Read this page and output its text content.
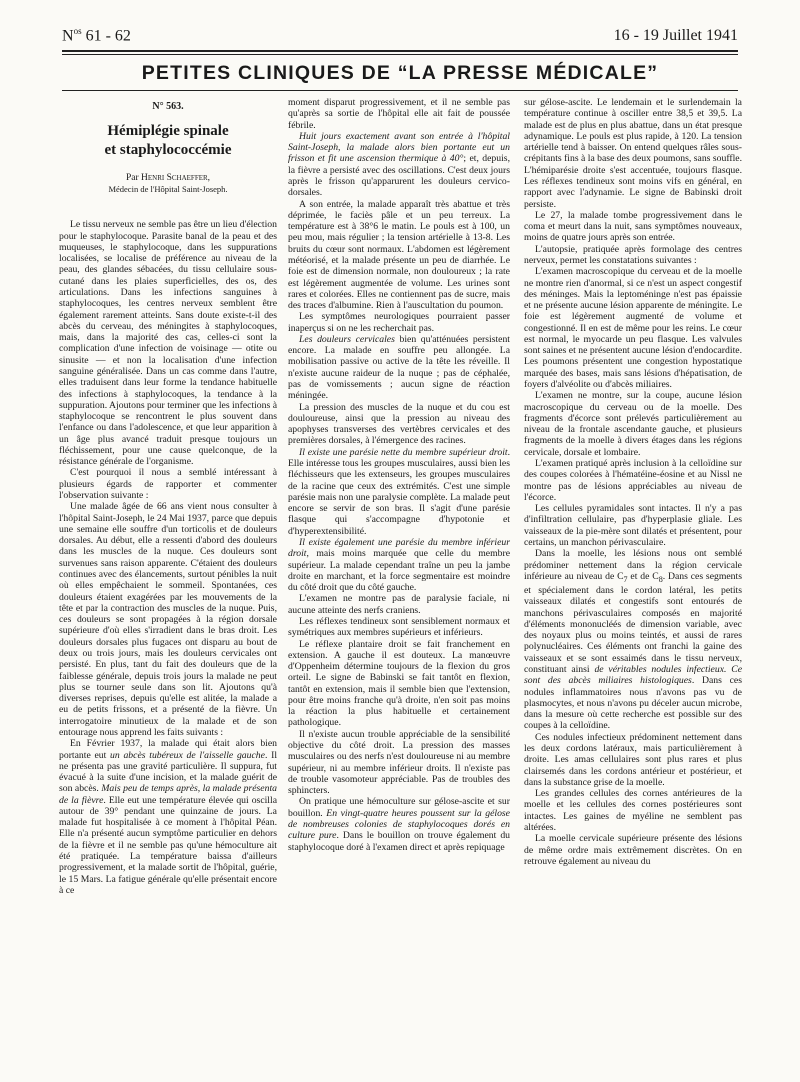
$N^{os}$ 61 - 62	16 - 19 Juillet 1941
PETITES CLINIQUES DE “LA PRESSE MÉDICALE”
N° 563.
Hémiplégie spinale
et staphylococcémie
Par Henri Schaeffer,
Médecin de l'Hôpital Saint-Joseph.

Le tissu nerveux ne semble pas être un lieu d'élection pour le staphylocoque. Parasite banal de la peau et des muqueuses, le staphylocoque, dans les suppurations localisées, se localise de préférence au niveau de la peau, des glandes sébacées, du tissu cellulaire sous-cutané dans les plaies superficielles, des os, des articulations. Dans les infections sanguines à staphylocoques, les centres nerveux semblent être également rarement atteints. Sans doute existe-t-il des abcès du cerveau, des méningites à staphylocoques, mais, dans la majorité des cas, celles-ci sont la complication d'une infection de voisinage — otite ou sinusite — et non la localisation d'une infection sanguine généralisée. Dans un cas comme dans l'autre, elles traduisent dans leur forme la tendance habituelle des infections à staphylocoques, la tendance à la suppuration. Ajoutons pour terminer que les infections à staphylocoque se rencontrent le plus souvent dans l'enfance ou dans l'adolescence, et que leur apparition à un âge plus avancé traduit presque toujours un fléchissement, pour une cause quelconque, de la résistance générale de l'organisme.

C'est pourquoi il nous a semblé intéressant à plusieurs égards de rapporter et commenter l'observation suivante :

Une malade âgée de 66 ans vient nous consulter à l'hôpital Saint-Joseph, le 24 Mai 1937, parce que depuis une semaine elle souffre d'un torticolis et de douleurs dorsales. Au début, elle a ressenti d'abord des douleurs dans les muscles de la nuque. Ces douleurs sont survenues sans raison apparente. C'étaient des douleurs continues avec des élancements, surtout pénibles la nuit où elles empêchaient le sommeil. Spontanées, ces douleurs étaient exagérées par les mouvements de la tête et par la contraction des muscles de la nuque. Puis, ces douleurs se sont propagées à la région dorsale supérieure d'où elles s'irradient dans le bras droit. Les douleurs dorsales plus fugaces ont disparu au bout de deux ou trois jours, mais les douleurs cervicales ont persisté. En plus, tant du fait des douleurs que de la faiblesse générale, depuis trois jours la malade ne peut plus se tourner seule dans son lit. Ajoutons qu'à diverses reprises, depuis qu'elle est alitée, la malade a eu de petits frissons, et a présenté de la fièvre. Un interrogatoire minutieux de la malade et de son entourage nous apprend les faits suivants :

En Février 1937, la malade qui était alors bien portante eut un abcès tubéreux de l'aisselle gauche. Il ne présenta pas une gravité particulière. Il suppura, fut évacué à la suite d'une incision, et la malade guérit de son abcès. Mais peu de temps après, la malade présenta de la fièvre. Elle eut une température élevée qui oscilla autour de 39° pendant une quinzaine de jours. La malade fut hospitalisée à ce moment à l'hôpital Péan. Elle n'a présenté aucun symptôme particulier en dehors de la fièvre et il ne semble pas qu'une hémoculture ait été pratiquée. La température baissa d'ailleurs progressivement, et la malade sortit de l'hôpital, guérie, le 15 Mars. La fatigue générale qu'elle présentait encore à ce

moment disparut progressivement, et il ne semble pas qu'après sa sortie de l'hôpital elle ait fait de poussée fébrile.

Huit jours exactement avant son entrée à l'hôpital Saint-Joseph, la malade alors bien portante eut un frisson et fit une ascension thermique à 40°; et, depuis, la fièvre a persisté avec des oscillations. C'est deux jours après le frisson qu'apparurent les douleurs cervico-dorsales.

A son entrée, la malade apparaît très abattue et très déprimée, le faciès pâle et un peu terreux. La température est à 38°6 le matin. Le pouls est à 100, un peu mou, mais régulier ; la tension artérielle à 13-8. Les bruits du cœur sont normaux. L'abdomen est légèrement météorisé, et la malade présente un peu de diarrhée. Le foie est de dimension normale, non douloureux ; la rate est légèrement augmentée de volume. Les urines sont rares et colorées. Elles ne contiennent pas de sucre, mais des traces d'albumine. Rien à l'auscultation du poumon.

Les symptômes neurologiques pourraient passer inaperçus si on ne les recherchait pas.

Les douleurs cervicales bien qu'atténuées persistent encore. La malade en souffre peu allongée. La mobilisation passive ou active de la tête les réveille. Il n'existe aucune raideur de la nuque ; pas de céphalée, pas de vomissements ; aucun signe de réaction méningée.

La pression des muscles de la nuque et du cou est douloureuse, ainsi que la pression au niveau des apophyses transverses des vertèbres cervicales et des premières dorsales, à l'émergence des racines.

Il existe une parésie nette du membre supérieur droit. Elle intéresse tous les groupes musculaires, aussi bien les fléchisseurs que les extenseurs, les groupes musculaires de la racine que ceux des extrémités. C'est une simple parésie mais non une paralysie complète. La malade peut encore se servir de son bras. Il s'agit d'une parésie flasque qui s'accompagne d'hypotonie et d'hyperextensibilité.

Il existe également une parésie du membre inférieur droit, mais moins marquée que celle du membre supérieur. La malade cependant traîne un peu la jambe droite en marchant, et la force segmentaire est moindre du côté droit que du côté gauche.

L'examen ne montre pas de paralysie faciale, ni aucune atteinte des nerfs craniens.

Les réflexes tendineux sont sensiblement normaux et symétriques aux membres supérieurs et inférieurs.

Le réflexe plantaire droit se fait franchement en extension. A gauche il est douteux. La manœuvre d'Oppenheim détermine toujours de la flexion du gros orteil. Le signe de Babinski se fait tantôt en flexion, tantôt en extension, mais il semble bien que l'extension, pour être moins franche qu'à droite, n'en soit pas moins la réaction la plus habituelle et certainement pathologique.

Il n'existe aucun trouble appréciable de la sensibilité objective du côté droit. La pression des masses musculaires ou des nerfs n'est douloureuse ni au membre supérieur, ni au membre inférieur droits. Il n'existe pas de trouble vasomoteur appréciable. Pas de troubles des sphincters.

On pratique une hémoculture sur gélose-ascite et sur bouillon. En vingt-quatre heures poussent sur la gélose de nombreuses colonies de staphylocoques dorés en culture pure. Dans le bouillon on trouve également du staphylocoque doré à l'examen direct et après repiquage

sur gélose-ascite. Le lendemain et le surlendemain la température continue à osciller entre 38,5 et 39,5. La malade est de plus en plus abattue, dans un état presque adynamique. Le pouls est plus rapide, à 120. La tension artérielle tend à baisser. On entend quelques râles sous-crépitants fins à la base des deux poumons, sans souffle. L'hémiparésie droite s'est accentuée, toujours flasque. Les réflexes tendineux sont moins vifs en général, en rapport avec l'adynamie. Le signe de Babinski droit persiste.

Le 27, la malade tombe progressivement dans le coma et meurt dans la nuit, sans symptômes nouveaux, moins de quatre jours après son entrée.

L'autopsie, pratiquée après formolage des centres nerveux, permet les constatations suivantes :

L'examen macroscopique du cerveau et de la moelle ne montre rien d'anormal, si ce n'est un aspect congestif des méninges. Mais la leptoméninge n'est pas épaissie et ne présente aucune lésion apparente de méningite. Le foie est légèrement augmenté de volume et congestionné. Il en est de même pour les reins. Le cœur est normal, le myocarde un peu flasque. Les valvules sont saines et ne présentent aucune lésion d'endocardite. Les poumons présentent une congestion hypostatique marquée des bases, mais sans lésions d'hépatisation, de foyers d'alvéolite ou d'abcès miliaires.

L'examen ne montre, sur la coupe, aucune lésion macroscopique du cerveau ou de la moelle. Des fragments d'écorce sont prélevés particulièrement au niveau de la frontale ascendante gauche, et plusieurs fragments de la moelle à divers étages dans les régions cervicale, dorsale et lombaire.

L'examen pratiqué après inclusion à la celloïdine sur des coupes colorées à l'hématéine-éosine et au Nissl ne montre pas de lésions appréciables au niveau de l'écorce.

Les cellules pyramidales sont intactes. Il n'y a pas d'infiltration cellulaire, pas d'hyperplasie gliale. Les vaisseaux de la pie-mère sont dilatés et présentent, pour certains, un manchon périvasculaire.

Dans la moelle, les lésions nous ont semblé prédominer nettement dans la région cervicale inférieure au niveau de $C_7$ et de $C_8$. Dans ces segments et spécialement dans le cordon latéral, les petits vaisseaux dilatés et congestifs sont entourés de manchons périvasculaires composés en majorité d'éléments mononucléés de dimension variable, avec des noyaux plus ou moins teintés, et aussi de rares polynucléaires. Ces éléments ont franchi la gaine des vaisseaux et se sont essaimés dans le tissu nerveux, constituant ainsi de véritables nodules infectieux. Ce sont des abcès miliaires histologiques. Dans ces nodules inflammatoires nous n'avons pas vu de plasmocytes, et nous n'avons pu déceler aucun microbe, dans la mesure où cette recherche est possible sur des coupes à la celloïdine.

Ces nodules infectieux prédominent nettement dans les deux cordons latéraux, mais particulièrement à droite. Les amas cellulaires sont plus rares et plus clairsemés dans les cordons antérieur et postérieur, et dans la substance grise de la moelle.

Les grandes cellules des cornes antérieures de la moelle et les cellules des cornes postérieures sont intactes. Les gaines de myéline ne semblent pas altérées.

La moelle cervicale supérieure présente des lésions de même ordre mais extrêmement discrètes. On en retrouve également au niveau du
